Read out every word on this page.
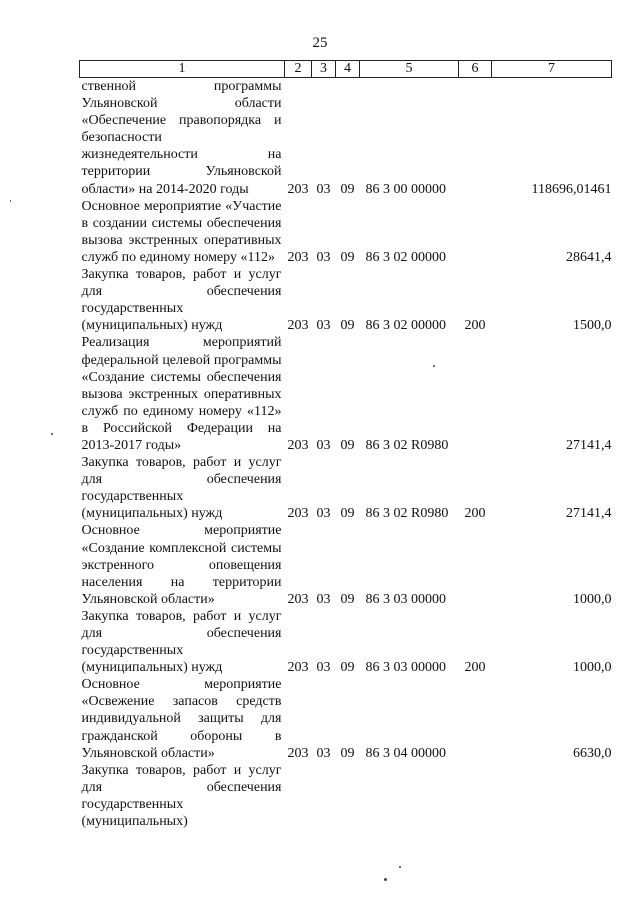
25
1	2	3	4	5	6	7
ственной программы Ульяновской области «Обеспечение правопорядка и безопасности жизнедеятельности на территории Ульяновской области» на 2014-2020 годы	203	03	09	86 3 00 00000		118696,01461
Основное мероприятие «Участие в создании системы обеспечения вызова экстренных оперативных служб по единому номеру «112»	203	03	09	86 3 02 00000		28641,4
Закупка товаров, работ и услуг для обеспечения государственных (муниципальных) нужд	203	03	09	86 3 02 00000	200	1500,0
Реализация мероприятий федеральной целевой программы «Создание системы обеспечения вызова экстренных оперативных служб по единому номеру «112» в Российской Федерации на 2013-2017 годы»	203	03	09	86 3 02 R0980		27141,4
Закупка товаров, работ и услуг для обеспечения государственных (муниципальных) нужд	203	03	09	86 3 02 R0980	200	27141,4
Основное мероприятие «Создание комплексной системы экстренного оповещения населения на территории Ульяновской области»	203	03	09	86 3 03 00000		1000,0
Закупка товаров, работ и услуг для обеспечения государственных (муниципальных) нужд	203	03	09	86 3 03 00000	200	1000,0
Основное мероприятие «Освежение запасов средств индивидуальной защиты для гражданской обороны в Ульяновской области»	203	03	09	86 3 04 00000		6630,0
Закупка товаров, работ и услуг для обеспечения государственных (муниципальных)						
